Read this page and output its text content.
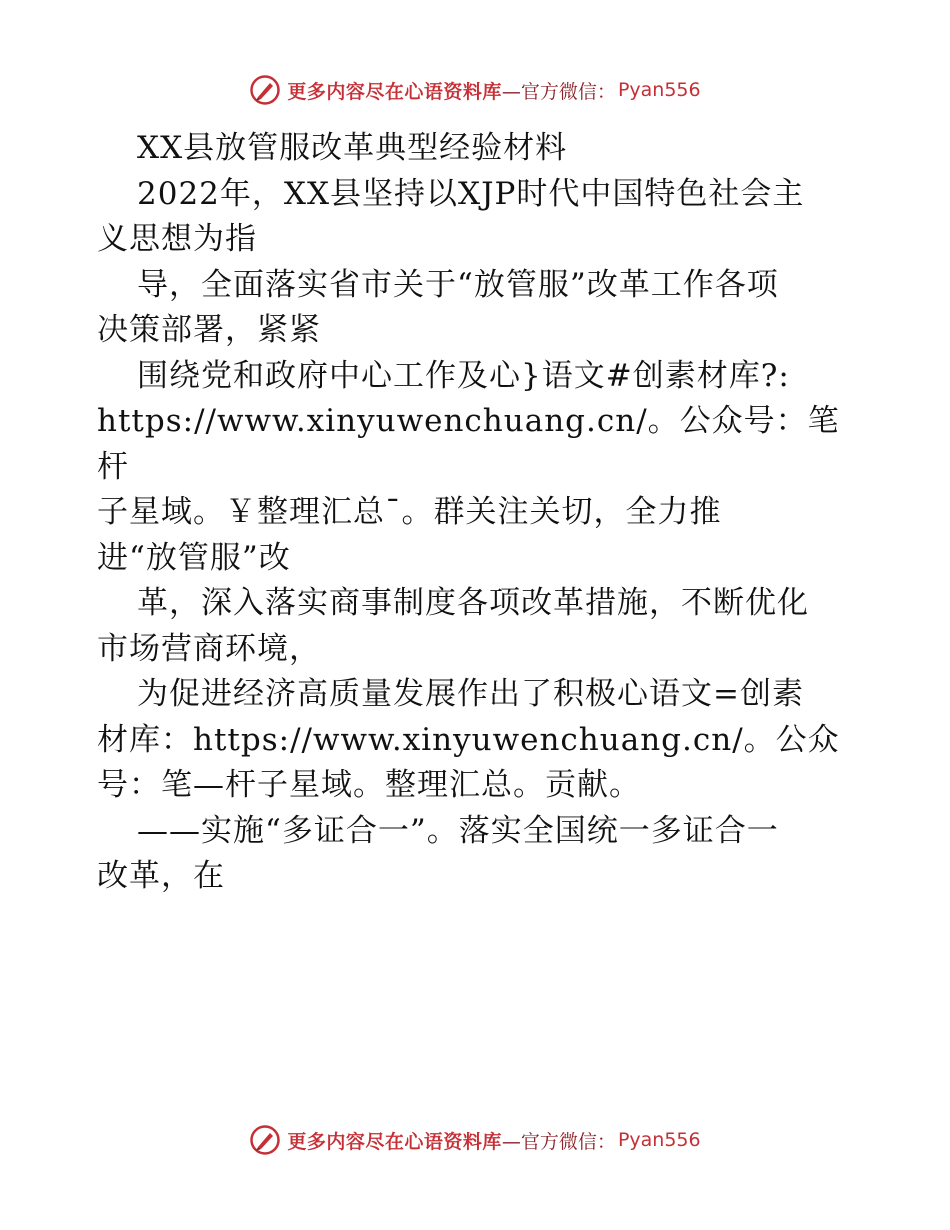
更多内容尽在心语资料库 —官方微信： Pyan556

XX县放管服改革典型经验材料

2022年，XX县坚持以XJP时代中国特色社会主

义思想为指

导，全面落实省市关于“放管服”改革工作各项

决策部署，紧紧

围绕党和政府中心工作及心}语文#创素材库?:

https://www.xinyuwenchuang.cn/。公众号：笔杆

子星域。￥整理汇总¯。群关注关切，全力推

进“放管服”改

革，深入落实商事制度各项改革措施，不断优化

市场营商环境，

为促进经济高质量发展作出了积极心语文=创素

材库：https://www.xinyuwenchuang.cn/。公众

号：笔—杆子星域。整理汇总。贡献。

——实施“多证合一”。落实全国统一多证合一

改革，在

更多内容尽在心语资料库 —官方微信： Pyan556
